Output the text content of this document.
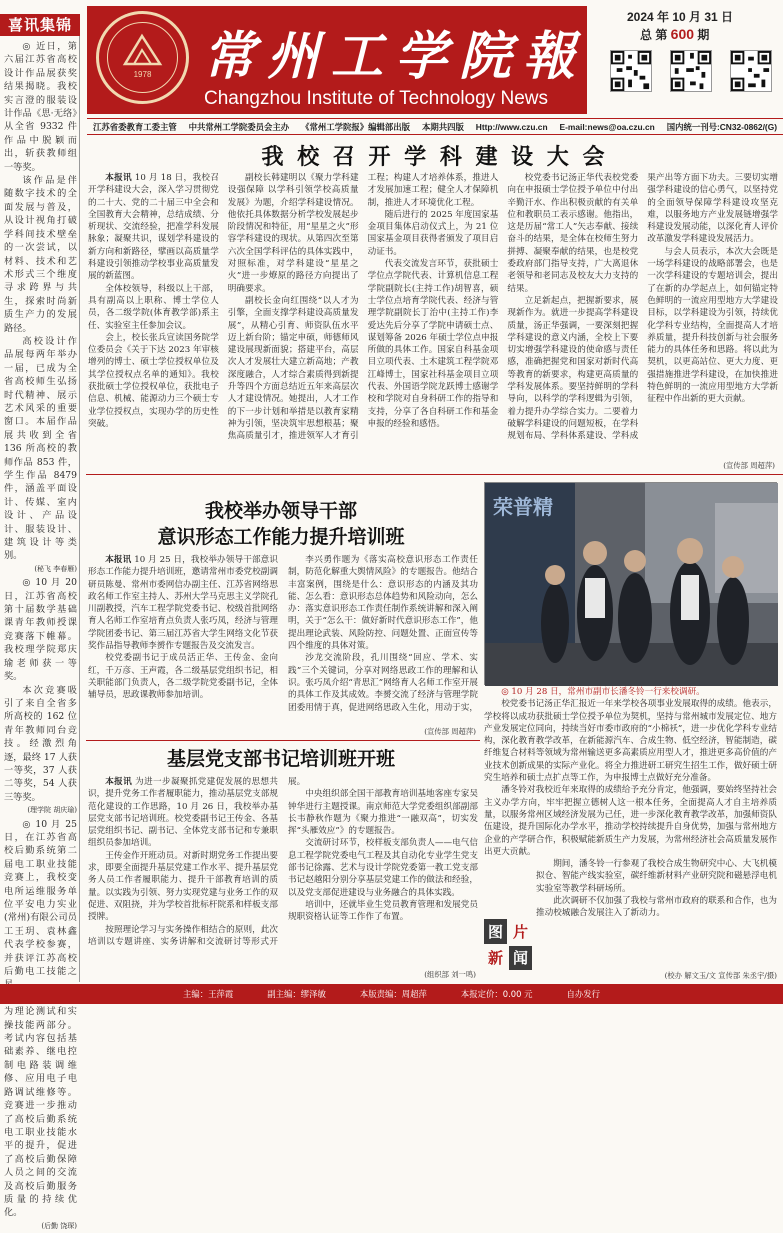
1978 常州工学院報
Changzhou Institute of Technology News
2024 年 10 月 31 日
总 第 600 期
江苏省委教育工委主管 中共常州工学院委员会主办 《常州工学院报》编辑部出版 本期共四版 Http://www.czu.cn E-mail:news@oa.czu.cn 国内统一刊号:CN32-0862/(G)
喜讯集锦

◎ 近日，第六届江苏省高校设计作品展获奖结果揭晓。我校实言澄的服装设计作品《思·无络》从全省 9332 件作品中脱颖而出，斩获教师组一等奖。

该作品是伴随数字技术的全面发展与普及，从设计视角打破学科间技术壁垒的一次尝试，以材料、技术和艺术形式三个维度寻求跨界与共生，探索时尚新质生产力的发展路径。

高校设计作品展每两年举办一届，已成为全省高校师生弘扬时代精神、展示艺术风采的重要窗口。本届作品展共收到全省 136 所高校的教师作品 853 件，学生作品 8479 件，涵盖平面设计、传媒、室内设计、产品设计、服装设计、建筑设计等类别。

(秘飞 李春雁)

◎ 10 月 20 日，江苏省高校第十届数学基础课青年教师授课竞赛落下帷幕。我校理学院郑庆瑜老师获一等奖。

本次竞赛吸引了来自全省多所高校的 162 位青年教师同台竞技。经激烈角逐，最终 17 人获一等奖，37 人获二等奖，54 人获三等奖。

(理学院 胡庆瑜)

◎ 10 月 25 日，在江苏省高校后勤系统第二届电工职业技能竞赛上，我校变电所运维服务单位平安电力实业(常州)有限公司员工王玥、袁林鑫代表学校参赛，并获评江苏高校后勤电工技能之

为理论测试和实操技能两部分。考试内容包括基础素养、继电控制电路装调维修、应用电子电路调试维修等。竞赛进一步推动了高校后勤系统电工职业技能水平的提升，促进了高校后勤保障人员之间的交流及高校后勤服务质量的持续优化。

(后勤 饶琛)
我 校 召 开 学 科 建 设 大 会

本报讯 10 月 18 日，我校召开学科建设大会，深入学习贯彻党的二十大、党的二十届三中全会和全国教育大会精神，总结成绩、分析现状、交流经验，把准学科发展脉象；凝聚共识，谋划学科建设的新方向和新路径，擘画以高质量学科建设引领推动学校事业高质量发展的新蓝图。

全体校领导，科级以上干部，具有副高以上职称、博士学位人员，各二级学院(体育教学部)系主任、实验室主任参加会议。

会上，校长张兵宣读国务院学位委员会《关于下达 2023 年审核增列的博士、硕士学位授权单位及其学位授权点名单的通知》。我校获批硕士学位授权单位，获批电子信息、机械、能源动力三个硕士专业学位授权点，实现办学的历史性突破。

副校长韩建明以《聚力学科建设强保障 以学科引领学校高质量发展》为题，介绍学科建设情况。他依托具体数据分析学校发展起步阶段情况和特征，用“星星之火”形容学科建设的现状。从第四次至第六次全国学科评估的具体实践中，对照标准，对学科建设“星星之火”进一步燎原的路径方向提出了明确要求。

副校长金向红围绕“以人才为引擎，全面支撑学科建设高质量发展”，从精心引育、师资队伍水平迈上新台阶；锚定申硕，师德师风建设展现新面貌；搭建平台，高层次人才发展壮大建立新高地；产教深度融合，人才综合素质得到新提升等四个方面总结近五年来高层次人才建设情况。她提出，人才工作的下一步计划和举措是以教育家精神为引领，坚决筑牢思想根基；聚焦高质量引才，推进领军人才育引工程；构建人才培养体系，推进人才发展加速工程；健全人才保障机制，推进人才环境优化工程。

随后进行的 2025 年度国家基金项目集体启动仪式上，为 21 位国家基金项目获得者颁发了项目启动证书。

代表交流发言环节，获批硕士学位点学院代表、计算机信息工程学院副院长(主持工作)胡智喜，硕士学位点培育学院代表、经济与管理学院副院长丁治中(主持工作)李爱达先后分享了学院申请硕士点、谋划筹备 2026 年硕士学位点申报所做的具体工作。国家自科基金项目立项代表、土木建筑工程学院邓江峰博士，国家社科基金项目立项代表、外国语学院龙跃博士感谢学校和学院对自身科研工作的指导和支持，分享了各自科研工作和基金申报的经验和感悟。

校党委书记汤正华代表校党委向在申报硕士学位授予单位中付出辛勤汗水、作出积极贡献的有关单位和教职员工表示感谢。他指出，这是历届“常工人”矢志奉献、接续奋斗的结果，是全体在校师生努力拼搏、凝聚奉献的结果，也是校党委政府部门指导支持，广大离退休老领导和老同志及校友大力支持的结果。

立足新起点，把握新要求，展现新作为。就进一步提高学科建设质量，汤正华强调，一要深刻把握学科建设的意义内涵，全校上下要切实增强学科建设的使命感与责任感，准确把握党和国家对新时代高等教育的新要求，构建更高质量的学科发展体系。要坚持鲜明的学科导向，以科学的学科逻辑为引领，着力提升办学综合实力。二要着力破解学科建设的问题短板，在学科规划布局、学科体系建设、学科成果产出等方面下功夫。三要切实增强学科建设的信心勇气，以坚持党的全面领导保障学科建设攻坚克难，以服务地方产业发展链增强学科建设发展动能，以深化育人评价改革激发学科建设发展活力。

与会人员表示，本次大会既是一场学科建设的战略部署会，也是一次学科建设的专题培训会，提出了在新的办学起点上，如何锚定特色鲜明的一流应用型地方大学建设目标，以学科建设为引领，持续优化学科专业结构，全面提高人才培养质量，提升科技创新与社会服务能力的具体任务和思路。将以此为契机，以更高站位、更大力度、更强措施推进学科建设，在加快推进特色鲜明的一流应用型地方大学新征程中作出新的更大贡献。

(宣传部 周超萍)
我校举办领导干部
意识形态工作能力提升培训班

本报讯 10 月 25 日，我校举办领导干部意识形态工作能力提升培训班，邀请常州市委党校副调研员陈曼、常州市委网信办副主任、江苏省网络思政名师工作室主持人、苏州大学马克思主义学院孔川副教授，汽车工程学院党委书记、校级首批网络育人名师工作室培育点负责人张巧凤，经济与管理学院团委书记、第三届江苏省大学生网络文化节获奖作品指导教师李赟作专题报告及交流发言。

校党委副书记于成员活正华、王传金、金向红，千万彦、王声霞，各二级基层党组织书记，相关职能部门负责人，各二级学院党委副书记，全体辅导员，思政课教师参加培训。

李兴勇作题为《落实高校意识形态工作责任制，防范化解重大舆情风险》的专题报告。他结合丰富案例，围绕是什么：意识形态的内涵及其功能、怎么看：意识形态总体趋势和风险动向，怎么办：落实意识形态工作责任制作系统讲解和深入阐明，关于“怎么干：做好新时代意识形态工作”，他提出理论武装、风险防控、问题处置、正面宣传等四个维度的具体对策。

沙龙交流阶段，孔川围绕“回应、学术、实践”三个关键词，分享对网络思政工作的理解和认识。张巧凤介绍“青思汇”网络育人名师工作室开展的具体工作及其成效。李赟交流了经济与管理学院团委用情于真，促进网络思政入生化，用动于实，

(宣传部 周超萍)
基层党支部书记培训班开班

本报讯 为进一步凝聚抓党建促发展的思想共识，提升党务工作者履职能力，推动基层党支部规范化建设的工作思路，10 月 26 日，我校举办基层党支部书记培训班。校党委副书记王传金、各基层党组织书记、副书记、全体党支部书记和专兼职组织员参加培训。

王传金作开班动员。对新时期党务工作提出要求，即要全面提升基层党建工作水平、提升基层党务人员工作者履职能力、提升干部教育培训的质量。以实践为引领、努力实现党建与业务工作的双促进、双阻挠，并为学校首批标杆院系和样板支部授牌。

按照理论学习与实务操作相结合的原则，此次培训以专题讲座、实务讲解和交流研讨等形式开展。

中央组织部全国干部教育培训基地客座专家吴钟华进行主题授课。南京师范大学党委组织部副部长韦静秋作题为《聚力推进“一融双高”，切实发挥“头雁效应”》的专题报告。

交流研讨环节，校样板支部负责人——电气信息工程学院党委电气工程及其自动化专业学生党支部书记徐露、艺术与设计学院党委第一教工党支部书记赵越阳分别分享基层党建工作的做法和经验，以及党支部促进建设与业务融合的具体实践。

培训中，还就毕业生党员教育管理和发展党员规职资格认证等工作作了布置。

(组织部 刘一鸣)
荣普精

◎ 10 月 28 日，常州市副市长潘冬铃一行来校调研。

校党委书记汤正华汇报近一年来学校各项事业发展取得的成绩。他表示，学校将以成功获批硕士学位授予单位为契机，坚持与常州城市发展定位、地方产业发展定位同向，持续当好市委市政府的“小棉袄”，进一步优化学科专业结构，深化教育教学改革，在新能源汽车、合成生物、低空经济，智能制造，碳纤维复合材料等领域为常州输送更多高素质应用型人才，推进更多高价值的产业技术创新成果的实际产业化。将全力推进研工研究生招生工作，做好硕士研究生培养和硕士点扩点等工作，为申报博士点做好充分准备。

潘冬铃对我校近年来取得的成绩给予充分肯定，他强调，要始终坚持社会主义办学方向，牢牢把握立德树人这一根本任务，全面提高人才自主培养质量，以服务常州区域经济发展为己任，进一步深化教育教学改革，加强师资队伍建设，提升国际化办学水平，推动学校持续提升自身优势，加强与常州地方企业的产学研合作，积极赋能新质生产力发展，为常州经济社会高质量发展作出更大贡献。

期间，潘冬铃一行参观了我校合成生物研究中心、大飞机模拟仓、智能产线实验室，碳纤维新材料产业研究院和磁悬浮电机实验室等教学科研场所。

此次调研不仅加强了我校与常州市政府的联系和合作，也为推动校城融合发展注入了新动力。

图 片
新 闻
(校办 解文玉/文 宣传部 朱丞宇/摄)
主编：王萍霞	副主编：缪泽敏	本版责编：周超萍	本报定价：0.00 元	自办发行
